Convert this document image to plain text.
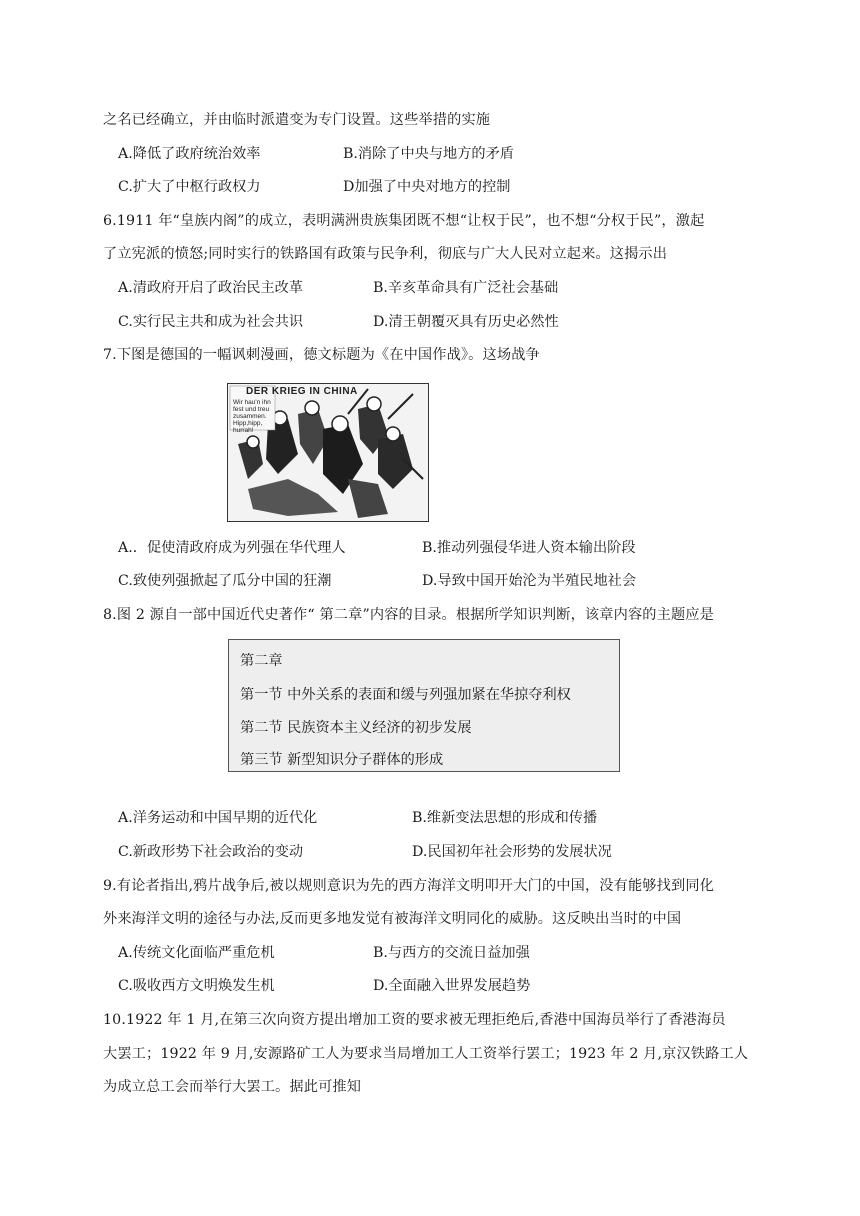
之名已经确立，并由临时派遣变为专门设置。这些举措的实施
A.降低了政府统治效率	B.消除了中央与地方的矛盾
C.扩大了中枢行政权力	D加强了中央对地方的控制
6.1911 年“皇族内阁”的成立，表明满洲贵族集团既不想“让权于民”，也不想“分权于民”，激起
了立宪派的愤怒;同时实行的铁路国有政策与民争利，彻底与广大人民对立起来。这揭示出
A.清政府开启了政治民主改革	B.辛亥革命具有广泛社会基础
C.实行民主共和成为社会共识	D.清王朝覆灭具有历史必然性
7.下图是德国的一幅讽刺漫画，德文标题为《在中国作战》。这场战争
DER KRIEG IN CHINA
Wir hau'n ihn
fest und treu
zusammen.
Hipp,hipp,
hurrah!
A.．促使清政府成为列强在华代理人	B.推动列强侵华进人资本输出阶段
C.致使列强掀起了瓜分中国的狂潮	D.导致中国开始沦为半殖民地社会
8.图 2 源自一部中国近代史著作“ 第二章”内容的目录。根据所学知识判断，该章内容的主题应是
第二章
第一节 中外关系的表面和缓与列强加紧在华掠夺利权
第二节 民族资本主义经济的初步发展
第三节 新型知识分子群体的形成
A.洋务运动和中国早期的近代化	B.维新变法思想的形成和传播
C.新政形势下社会政治的变动	D.民国初年社会形势的发展状况
9.有论者指出,鸦片战争后,被以规则意识为先的西方海洋文明叩开大门的中国，没有能够找到同化
外来海洋文明的途径与办法,反而更多地发觉有被海洋文明同化的威胁。这反映出当时的中国
A.传统文化面临严重危机	B.与西方的交流日益加强
C.吸收西方文明焕发生机	D.全面融入世界发展趋势
10.1922 年 1 月,在第三次向资方提出增加工资的要求被无理拒绝后,香港中国海员举行了香港海员
大罢工；1922 年 9 月,安源路矿工人为要求当局增加工人工资举行罢工；1923 年 2 月,京汉铁路工人
为成立总工会而举行大罢工。据此可推知
